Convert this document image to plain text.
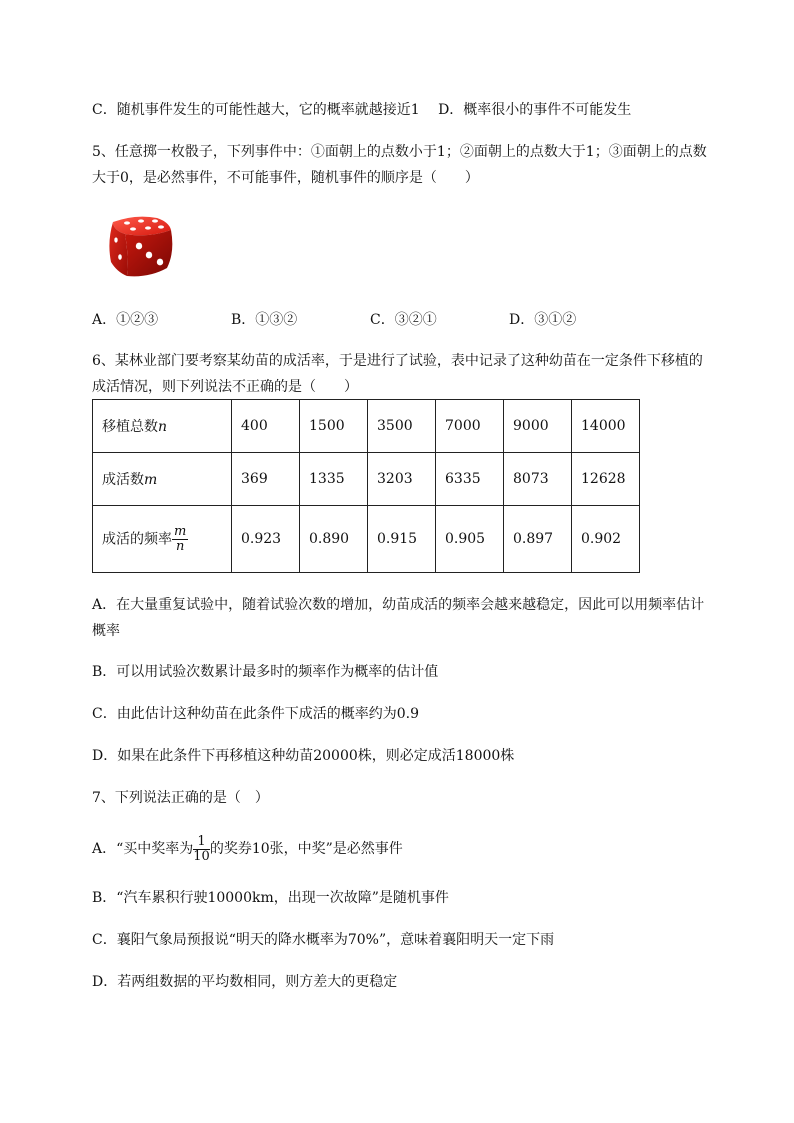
C．随机事件发生的可能性越大，它的概率就越接近1　 D．概率很小的事件不可能发生
5、任意掷一枚骰子，下列事件中：①面朝上的点数小于1；②面朝上的点数大于1；③面朝上的点数
大于0，是必然事件，不可能事件，随机事件的顺序是（　　）
A．①②③	B．①③②	C．③②①	D．③①②
6、某林业部门要考察某幼苗的成活率，于是进行了试验，表中记录了这种幼苗在一定条件下移植的
成活情况，则下列说法不正确的是（　　）
移植总数n	400	1500	3500	7000	9000	14000
成活数m	369	1335	3203	6335	8073	12628
成活的频率 $\frac{m}{n}$	0.923	0.890	0.915	0.905	0.897	0.902
A．在大量重复试验中，随着试验次数的增加，幼苗成活的频率会越来越稳定，因此可以用频率估计
概率
B．可以用试验次数累计最多时的频率作为概率的估计值
C．由此估计这种幼苗在此条件下成活的概率约为0.9
D．如果在此条件下再移植这种幼苗20000株，则必定成活18000株
7、下列说法正确的是（　）
A．“买中奖率为 $\frac{1}{10}$ 的奖券10张，中奖”是必然事件
B．“汽车累积行驶10000km，出现一次故障”是随机事件
C．襄阳气象局预报说“明天的降水概率为70%”，意味着襄阳明天一定下雨
D．若两组数据的平均数相同，则方差大的更稳定
